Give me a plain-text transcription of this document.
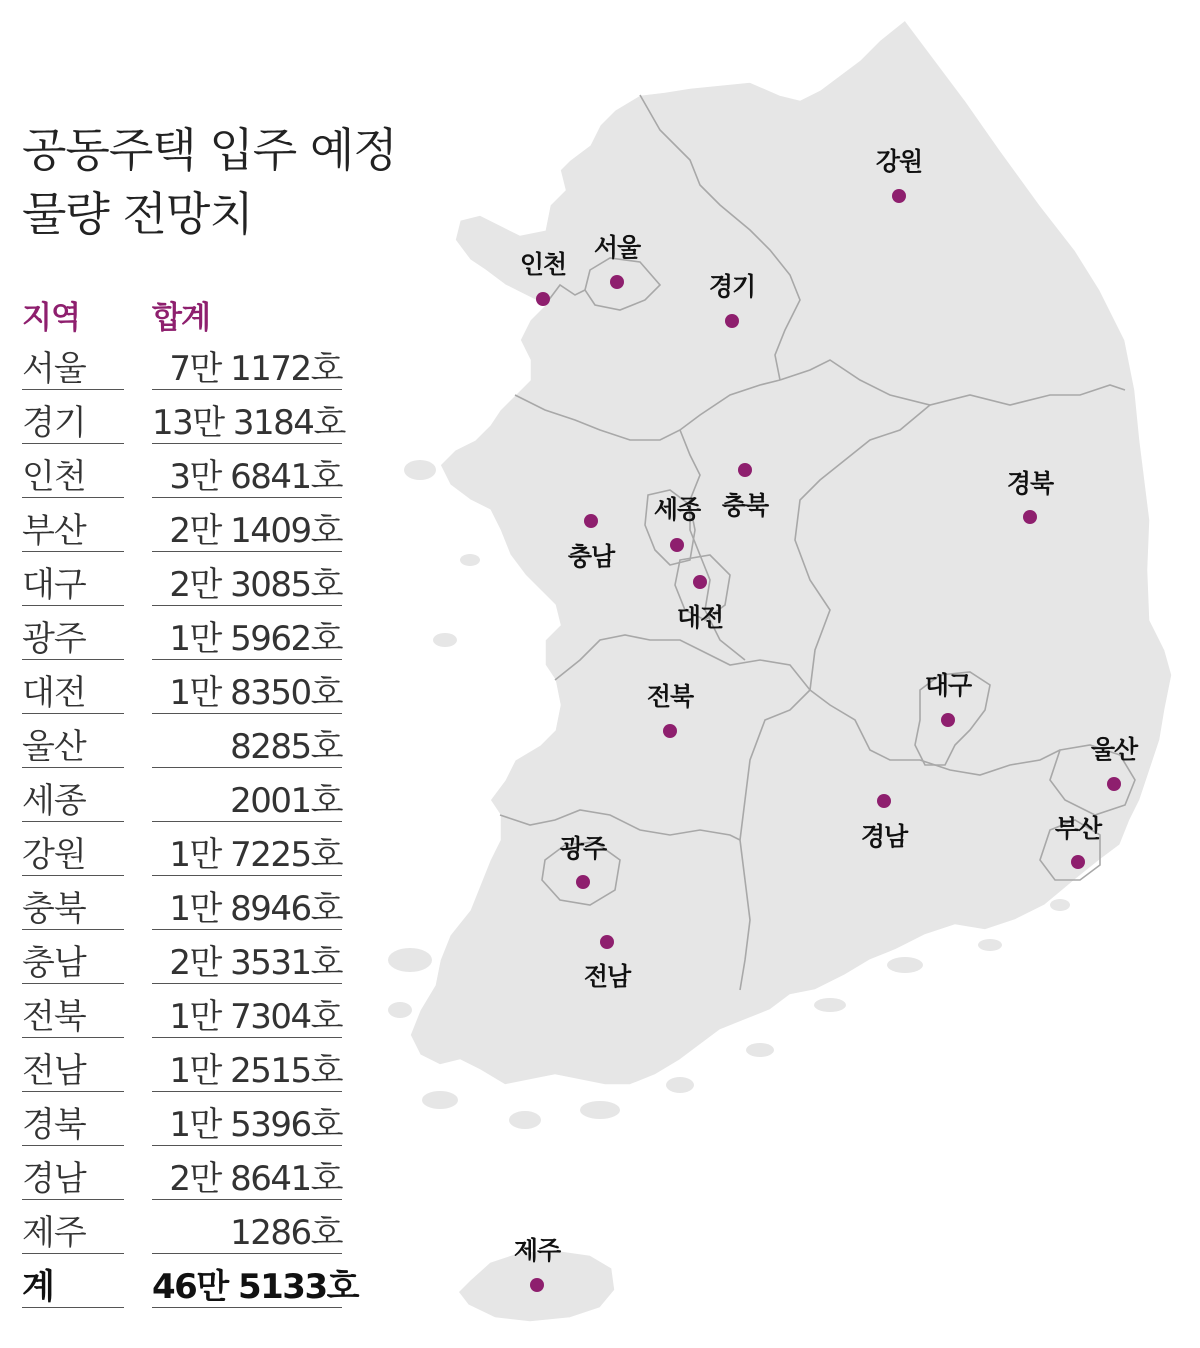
강원
서울
인천
경기
충북
경북
세종
충남
대전
대구
전북
울산
경남	부산
광주
전남
제주
공동주택 입주 예정
물량 전망치
지역 합계
서울	7만 1172호
경기	13만 3184호
인천	3만 6841호
부산	2만 1409호
대구	2만 3085호
광주	1만 5962호
대전	1만 8350호
울산	8285호
세종	2001호
강원	1만 7225호
충북	1만 8946호
충남	2만 3531호
전북	1만 7304호
전남	1만 2515호
경북	1만 5396호
경남	2만 8641호
제주	1286호
계	46만 5133호
